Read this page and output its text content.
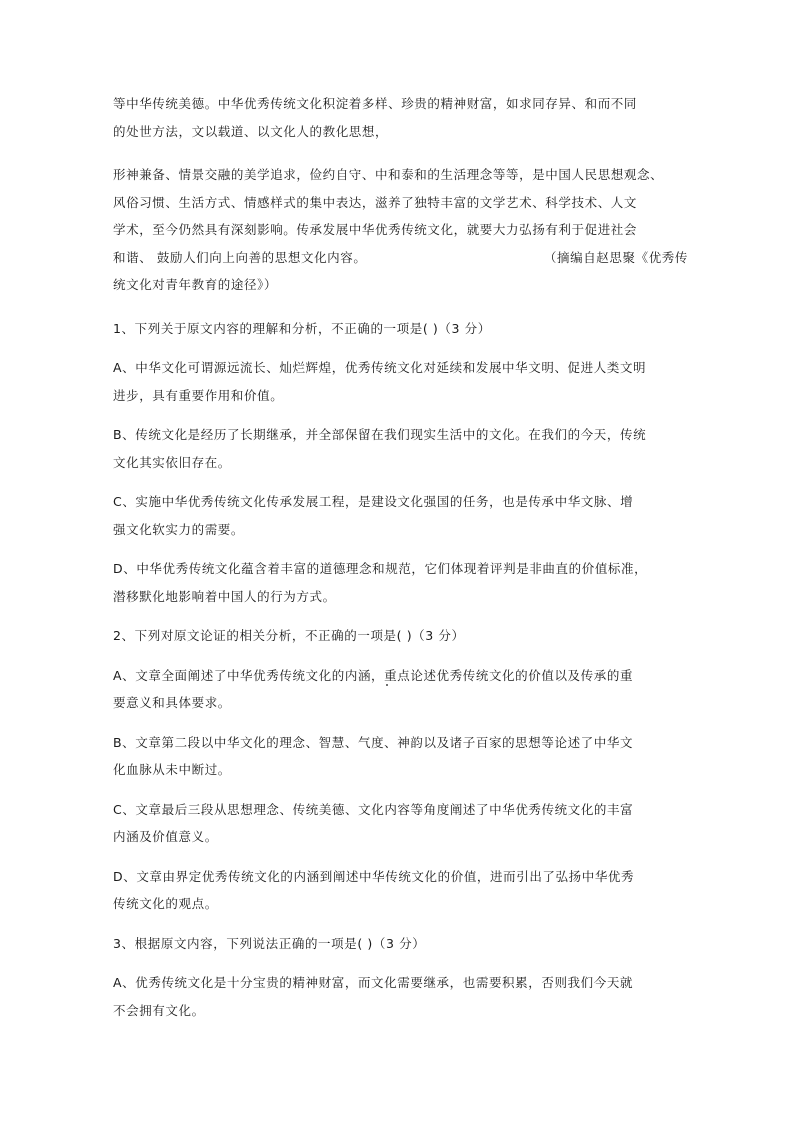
等中华传统美德。中华优秀传统文化积淀着多样、珍贵的精神财富，如求同存异、和而不同
的处世方法，文以载道、以文化人的教化思想，
形神兼备、情景交融的美学追求，俭约自守、中和泰和的生活理念等等，是中国人民思想观念、
风俗习惯、生活方式、情感样式的集中表达，滋养了独特丰富的文学艺术、科学技术、人文
学术，至今仍然具有深刻影响。传承发展中华优秀传统文化，就要大力弘扬有利于促进社会
和谐、 鼓励人们向上向善的思想文化内容。	（摘编自赵思聚《优秀传
统文化对青年教育的途径》）
1、下列关于原文内容的理解和分析，不正确的一项是( )（3 分）
A、中华文化可谓源远流长、灿烂辉煌，优秀传统文化对延续和发展中华文明、促进人类文明
进步，具有重要作用和价值。
B、传统文化是经历了长期继承，并全部保留在我们现实生活中的文化。在我们的今天，传统
文化其实依旧存在。
C、实施中华优秀传统文化传承发展工程，是建设文化强国的任务，也是传承中华文脉、增
强文化软实力的需要。
D、中华优秀传统文化蕴含着丰富的道德理念和规范，它们体现着评判是非曲直的价值标准，
潜移默化地影响着中国人的行为方式。
2、下列对原文论证的相关分析，不正确的一项是( )（3 分）
A、文章全面阐述了中华优秀传统文化的内涵，重点论述优秀传统文化的价值以及传承的重
要意义和具体要求。
B、文章第二段以中华文化的理念、智慧、气度、神韵以及诸子百家的思想等论述了中华文
化血脉从未中断过。
C、文章最后三段从思想理念、传统美德、文化内容等角度阐述了中华优秀传统文化的丰富
内涵及价值意义。
D、文章由界定优秀传统文化的内涵到阐述中华传统文化的价值，进而引出了弘扬中华优秀
传统文化的观点。
3、根据原文内容，下列说法正确的一项是( )（3 分）
A、优秀传统文化是十分宝贵的精神财富，而文化需要继承，也需要积累，否则我们今天就
不会拥有文化。
